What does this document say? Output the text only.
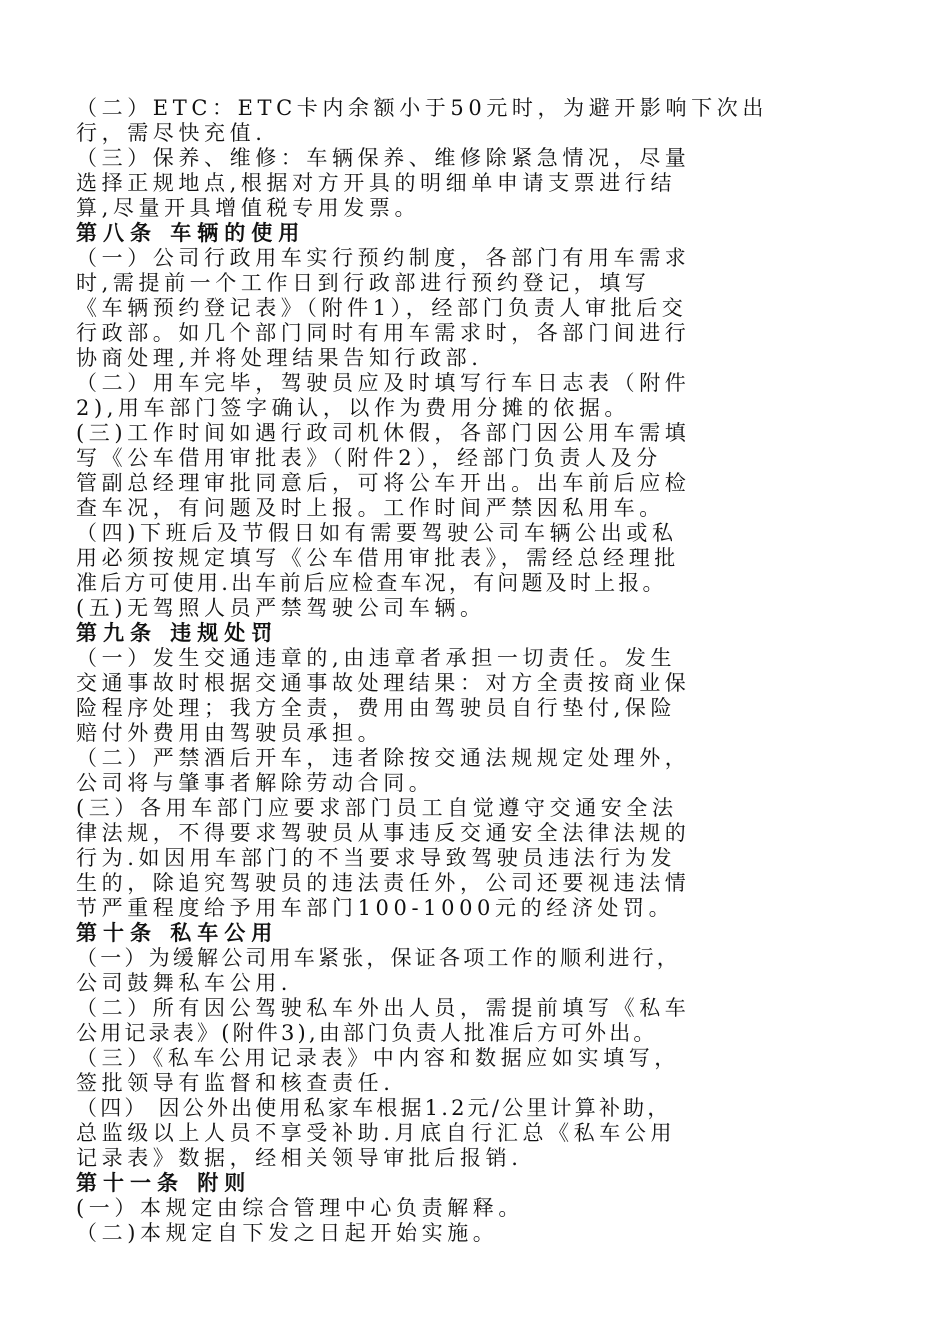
（二）ETC：ETC卡内余额小于50元时，为避开影响下次出
行，需尽快充值.
（三）保养、维修：车辆保养、维修除紧急情况，尽量
选择正规地点,根据对方开具的明细单申请支票进行结
算,尽量开具增值税专用发票。
第八条 车辆的使用
（一）公司行政用车实行预约制度，各部门有用车需求
时,需提前一个工作日到行政部进行预约登记，填写
《车辆预约登记表》（附件1），经部门负责人审批后交
行政部。如几个部门同时有用车需求时，各部门间进行
协商处理,并将处理结果告知行政部.
（二）用车完毕，驾驶员应及时填写行车日志表（附件
2),用车部门签字确认，以作为费用分摊的依据。
(三)工作时间如遇行政司机休假，各部门因公用车需填
写《公车借用审批表》（附件2），经部门负责人及分
管副总经理审批同意后，可将公车开出。出车前后应检
查车况，有问题及时上报。工作时间严禁因私用车。
（四)下班后及节假日如有需要驾驶公司车辆公出或私
用必须按规定填写《公车借用审批表》，需经总经理批
准后方可使用.出车前后应检查车况，有问题及时上报。
(五)无驾照人员严禁驾驶公司车辆。
第九条 违规处罚
（一）发生交通违章的,由违章者承担一切责任。发生
交通事故时根据交通事故处理结果：对方全责按商业保
险程序处理；我方全责，费用由驾驶员自行垫付,保险
赔付外费用由驾驶员承担。
（二）严禁酒后开车，违者除按交通法规规定处理外，
公司将与肇事者解除劳动合同。
(三）各用车部门应要求部门员工自觉遵守交通安全法
律法规，不得要求驾驶员从事违反交通安全法律法规的
行为.如因用车部门的不当要求导致驾驶员违法行为发
生的，除追究驾驶员的违法责任外，公司还要视违法情
节严重程度给予用车部门100-1000元的经济处罚。
第十条 私车公用
（一）为缓解公司用车紧张，保证各项工作的顺利进行，
公司鼓舞私车公用.
（二）所有因公驾驶私车外出人员，需提前填写《私车
公用记录表》(附件3),由部门负责人批准后方可外出。
（三）《私车公用记录表》中内容和数据应如实填写，
签批领导有监督和核查责任.
（四） 因公外出使用私家车根据1.2元/公里计算补助，
总监级以上人员不享受补助.月底自行汇总《私车公用
记录表》数据，经相关领导审批后报销.
第十一条 附则
(一）本规定由综合管理中心负责解释。
（二)本规定自下发之日起开始实施。
